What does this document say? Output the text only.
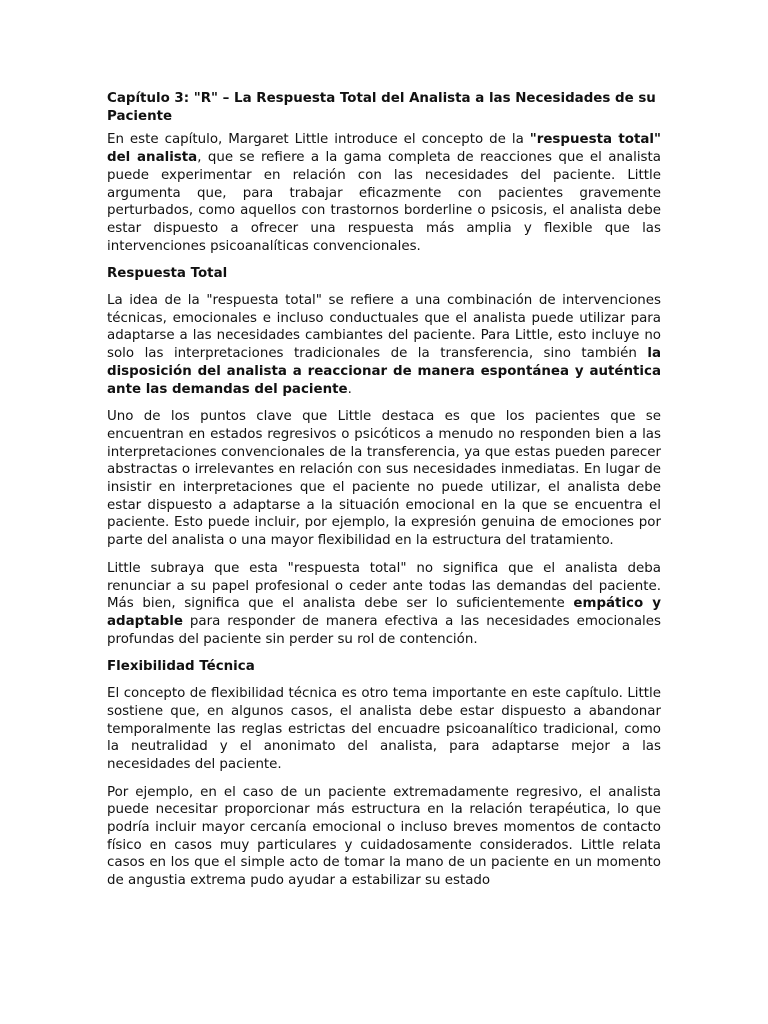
Capítulo 3: "R" – La Respuesta Total del Analista a las Necesidades de su Paciente

En este capítulo, Margaret Little introduce el concepto de la "respuesta total" del analista, que se refiere a la gama completa de reacciones que el analista puede experimentar en relación con las necesidades del paciente. Little argumenta que, para trabajar eficazmente con pacientes gravemente perturbados, como aquellos con trastornos borderline o psicosis, el analista debe estar dispuesto a ofrecer una respuesta más amplia y flexible que las intervenciones psicoanalíticas convencionales.

Respuesta Total

La idea de la "respuesta total" se refiere a una combinación de intervenciones técnicas, emocionales e incluso conductuales que el analista puede utilizar para adaptarse a las necesidades cambiantes del paciente. Para Little, esto incluye no solo las interpretaciones tradicionales de la transferencia, sino también la disposición del analista a reaccionar de manera espontánea y auténtica ante las demandas del paciente.

Uno de los puntos clave que Little destaca es que los pacientes que se encuentran en estados regresivos o psicóticos a menudo no responden bien a las interpretaciones convencionales de la transferencia, ya que estas pueden parecer abstractas o irrelevantes en relación con sus necesidades inmediatas. En lugar de insistir en interpretaciones que el paciente no puede utilizar, el analista debe estar dispuesto a adaptarse a la situación emocional en la que se encuentra el paciente. Esto puede incluir, por ejemplo, la expresión genuina de emociones por parte del analista o una mayor flexibilidad en la estructura del tratamiento.

Little subraya que esta "respuesta total" no significa que el analista deba renunciar a su papel profesional o ceder ante todas las demandas del paciente. Más bien, significa que el analista debe ser lo suficientemente empático y adaptable para responder de manera efectiva a las necesidades emocionales profundas del paciente sin perder su rol de contención.

Flexibilidad Técnica

El concepto de flexibilidad técnica es otro tema importante en este capítulo. Little sostiene que, en algunos casos, el analista debe estar dispuesto a abandonar temporalmente las reglas estrictas del encuadre psicoanalítico tradicional, como la neutralidad y el anonimato del analista, para adaptarse mejor a las necesidades del paciente.

Por ejemplo, en el caso de un paciente extremadamente regresivo, el analista puede necesitar proporcionar más estructura en la relación terapéutica, lo que podría incluir mayor cercanía emocional o incluso breves momentos de contacto físico en casos muy particulares y cuidadosamente considerados. Little relata casos en los que el simple acto de tomar la mano de un paciente en un momento de angustia extrema pudo ayudar a estabilizar su estado
